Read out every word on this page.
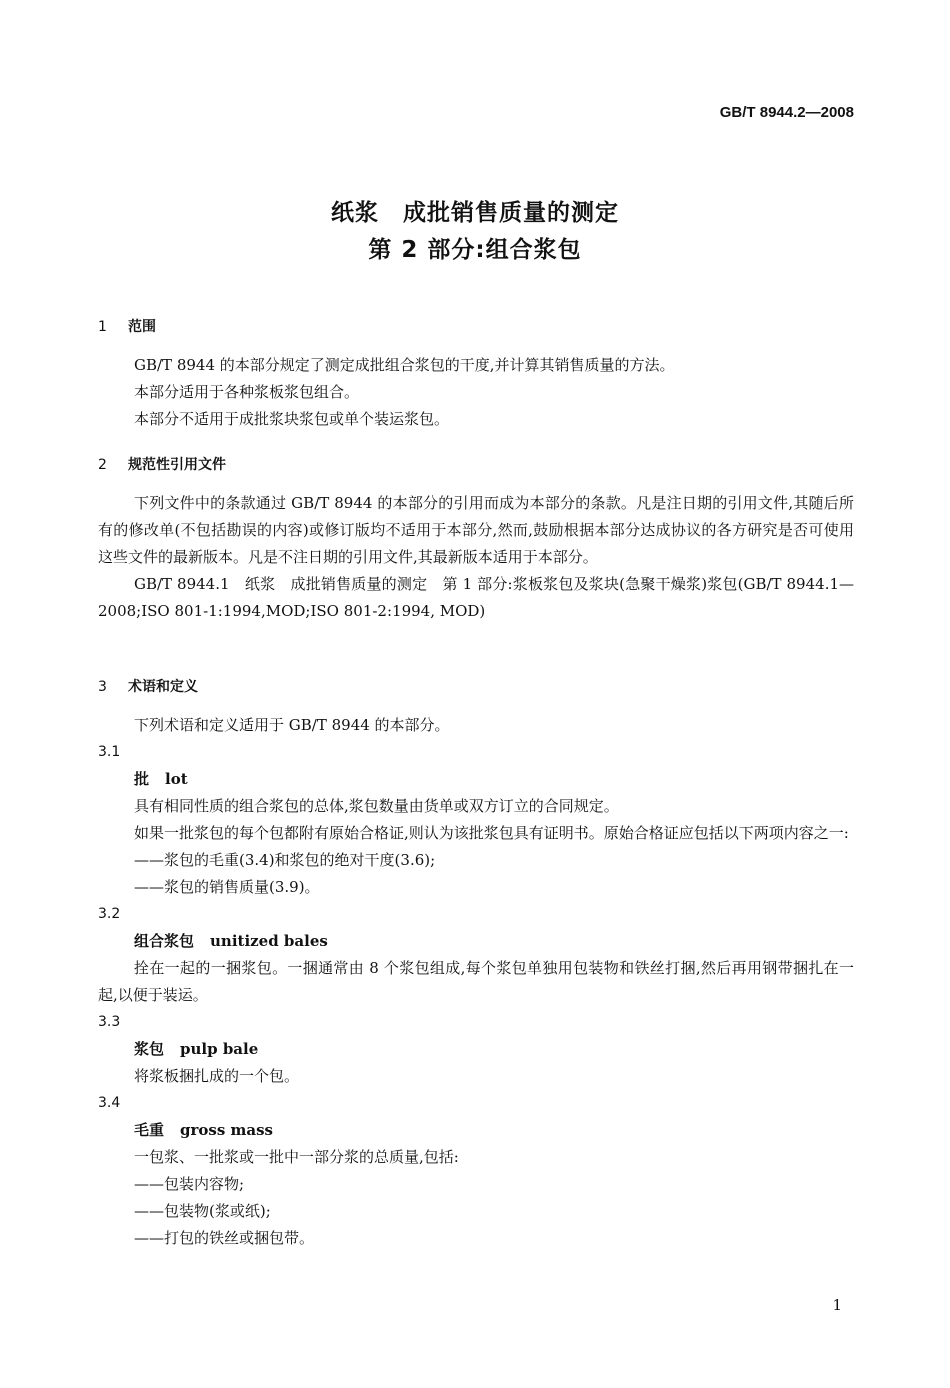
GB/T 8944.2—2008
纸浆　成批销售质量的测定
第 2 部分:组合浆包
1 范围

GB/T 8944 的本部分规定了测定成批组合浆包的干度,并计算其销售质量的方法。

本部分适用于各种浆板浆包组合。

本部分不适用于成批浆块浆包或单个装运浆包。

2 规范性引用文件

下列文件中的条款通过 GB/T 8944 的本部分的引用而成为本部分的条款。凡是注日期的引用文件,其随后所有的修改单(不包括勘误的内容)或修订版均不适用于本部分,然而,鼓励根据本部分达成协议的各方研究是否可使用这些文件的最新版本。凡是不注日期的引用文件,其最新版本适用于本部分。

GB/T 8944.1　纸浆　成批销售质量的测定　第 1 部分:浆板浆包及浆块(急聚干燥浆)浆包(GB/T 8944.1—2008;ISO 801-1:1994,MOD;ISO 801-2:1994, MOD)

3 术语和定义

下列术语和定义适用于 GB/T 8944 的本部分。

3.1
批 lot

具有相同性质的组合浆包的总体,浆包数量由货单或双方订立的合同规定。

如果一批浆包的每个包都附有原始合格证,则认为该批浆包具有证明书。原始合格证应包括以下两项内容之一:

——浆包的毛重(3.4)和浆包的绝对干度(3.6);
——浆包的销售质量(3.9)。
3.2
组合浆包 unitized bales

拴在一起的一捆浆包。一捆通常由 8 个浆包组成,每个浆包单独用包装物和铁丝打捆,然后再用钢带捆扎在一起,以便于装运。

3.3
浆包 pulp bale

将浆板捆扎成的一个包。

3.4
毛重 gross mass
一包浆、一批浆或一批中一部分浆的总质量,包括:
——包装内容物;
——包装物(浆或纸);
——打包的铁丝或捆包带。
1
